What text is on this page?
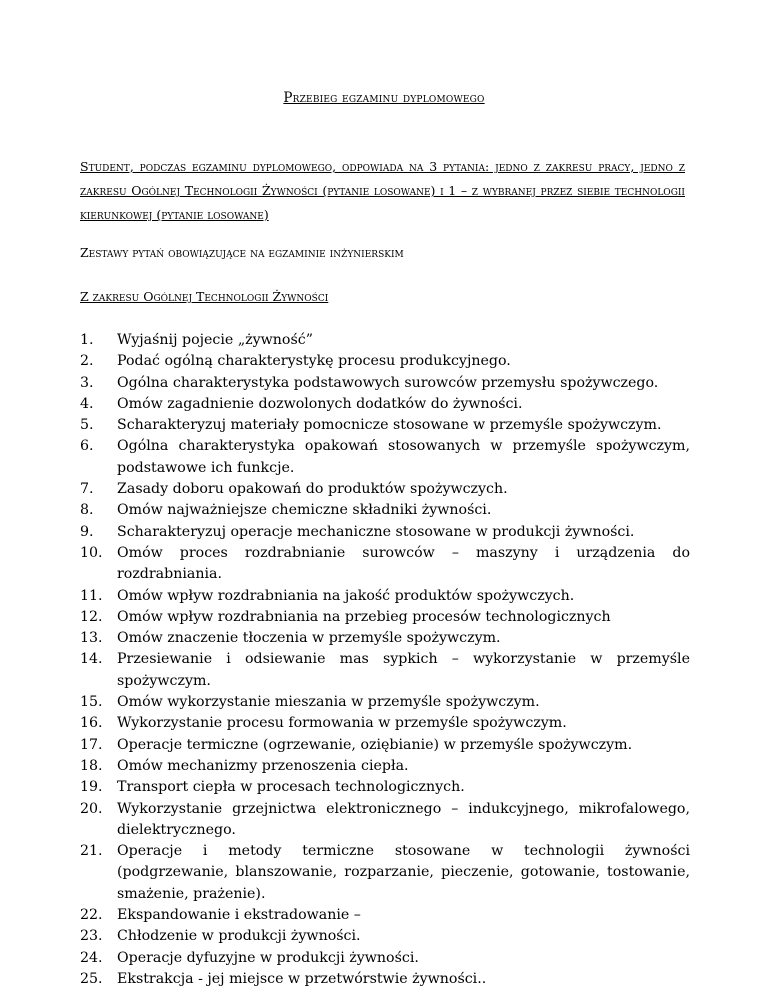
Przebieg egzaminu dyplomowego
Student, podczas egzaminu dyplomowego, odpowiada na 3 pytania: jedno z zakresu pracy, jedno z zakresu Ogólnej Technologii Żywności (pytanie losowane) i 1 – z wybranej przez siebie technologii kierunkowej (pytanie losowane)
Zestawy pytań obowiązujące na egzaminie inżynierskim
Z zakresu Ogólnej Technologii Żywności
1.	Wyjaśnij pojecie „żywność”
2.	Podać ogólną charakterystykę procesu produkcyjnego.
3.	Ogólna charakterystyka podstawowych surowców przemysłu spożywczego.
4.	Omów zagadnienie dozwolonych dodatków do żywności.
5.	Scharakteryzuj materiały pomocnicze stosowane w przemyśle spożywczym.
6.	Ogólna charakterystyka opakowań stosowanych w przemyśle spożywczym, podstawowe ich funkcje.
7.	Zasady doboru opakowań do produktów spożywczych.
8.	Omów najważniejsze chemiczne składniki żywności.
9.	Scharakteryzuj operacje mechaniczne stosowane w produkcji żywności.
10.	Omów proces rozdrabnianie surowców – maszyny i urządzenia do rozdrabniania.
11.	Omów wpływ rozdrabniania na jakość produktów spożywczych.
12.	Omów wpływ rozdrabniania na przebieg procesów technologicznych
13.	Omów znaczenie tłoczenia w przemyśle spożywczym.
14.	Przesiewanie i odsiewanie mas sypkich – wykorzystanie w przemyśle spożywczym.
15.	Omów wykorzystanie mieszania w przemyśle spożywczym.
16.	Wykorzystanie procesu formowania w przemyśle spożywczym.
17.	Operacje termiczne (ogrzewanie, oziębianie) w przemyśle spożywczym.
18.	Omów mechanizmy przenoszenia ciepła.
19.	Transport ciepła w procesach technologicznych.
20.	Wykorzystanie grzejnictwa elektronicznego – indukcyjnego, mikrofalowego, dielektrycznego.
21.	Operacje i metody termiczne stosowane w technologii żywności (podgrzewanie, blanszowanie, rozparzanie, pieczenie, gotowanie, tostowanie, smażenie, prażenie).
22.	Ekspandowanie i ekstradowanie –
23.	Chłodzenie w produkcji żywności.
24.	Operacje dyfuzyjne w produkcji żywności.
25.	Ekstrakcja - jej miejsce w przetwórstwie żywności..
